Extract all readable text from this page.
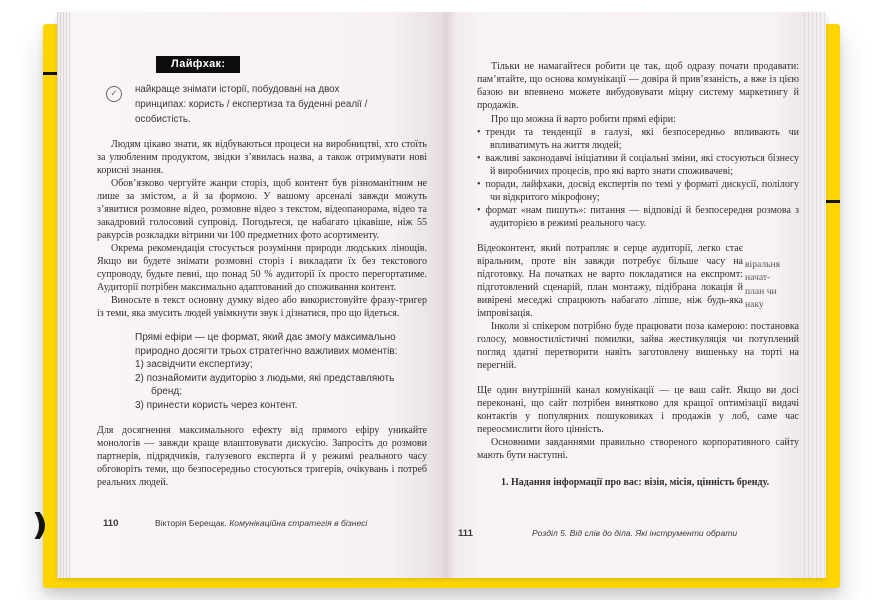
)
Лайфхак:
✓	найкраще знімати історії, побудовані на двох принципах: користь / експертиза та буденні реалії / особистість.

Людям цікаво знати, як відбуваються процеси на виробництві, хто стоїть за улюбленим продуктом, звідки з’явилась назва, а також отримувати нові корисні знання.

Обов’язково чергуйте жанри сторіз, щоб контент був різноманітним не лише за змістом, а й за формою. У вашому арсеналі завжди можуть з’явитися розмовне відео, розмовне відео з текстом, відеопанорама, відео та закадровий голосовий супровід. Погодьтеся, це набагато цікавіше, ніж 55 ракурсів розкладки вітрини чи 100 предметних фото асортименту.

Окрема рекомендація стосується розуміння природи людських лінощів. Якщо ви будете знімати розмовні сторіз і викладати їх без текстового супроводу, будьте певні, що понад 50 % аудиторії їх просто перегортатиме. Аудиторії потрібен максимально адаптований до споживання контент.

Виносьте в текст основну думку відео або використовуйте фразу-тригер із теми, яка змусить людей увімкнути звук і дізнатися, про що йдеться.

Прямі ефіри — це формат, який дає змогу максимально природно досягти трьох стратегічно важливих моментів:
1) засвідчити експертизу;
2) познайомити аудиторію з людьми, які представляють бренд;
3) принести користь через контент.

Для досягнення максимального ефекту від прямого ефіру уникайте монологів — завжди краще влаштовувати дискусію. Запросіть до розмови партнерів, підрядчиків, галузевого експерта й у режимі реального часу обговоріть теми, що безпосередньо стосуються тригерів, очікувань і потреб реальних людей.

110	Вікторія Берещак. Комунікаційна стратегія в бізнесі

Тільки не намагайтеся робити це так, щоб одразу почати продавати: пам’ятайте, що основа комунікації — довіра й прив’язаність, а вже із цією базою ви впевнено можете вибудовувати міцну систему маркетингу й продажів.

Про що можна й варто робити прямі ефіри:

• тренди та тенденції в галузі, які безпосередньо впливають чи впливатимуть на життя людей;
• важливі законодавчі ініціативи й соціальні зміни, які стосуються бізнесу й виробничих процесів, про які варто знати споживачеві;
• поради, лайфхаки, досвід експертів по темі у форматі дискусії, полілогу чи відкритого мікрофону;
• формат «нам пишуть»: питання — відповіді й безпосередня розмова з аудиторією в режимі реального часу.

Відеоконтент, який потрапляє в серце аудиторії, легко стає віральним, проте він завжди потребує більше часу на підготовку. На початках не варто покладатися на експромт: підготовлений сценарій, план монтажу, підібрана локація й вивірені меседжі спрацюють набагато ліпше, ніж будь-яка імпровізація.

віральня
начат-
план чи
наку

Інколи зі спікером потрібно буде працювати поза камерою: постановка голосу, мовностилістичні помилки, зайва жестикуляція чи потуплений погляд здатні перетворити навіть заготовлену вишеньку на торті на перегній.

Ще один внутрішній канал комунікації — це ваш сайт. Якщо ви досі переконані, що сайт потрібен винятково для кращої оптимізації видачі контактів у популярних пошуковиках і продажів у лоб, саме час переосмислити його цінність.

Основними завданнями правильно створеного корпоративного сайту мають бути наступні.

1. Надання інформації про вас: візія, місія, цінність бренду.

111	Розділ 5. Від слів до діла. Які інструменти обрати
